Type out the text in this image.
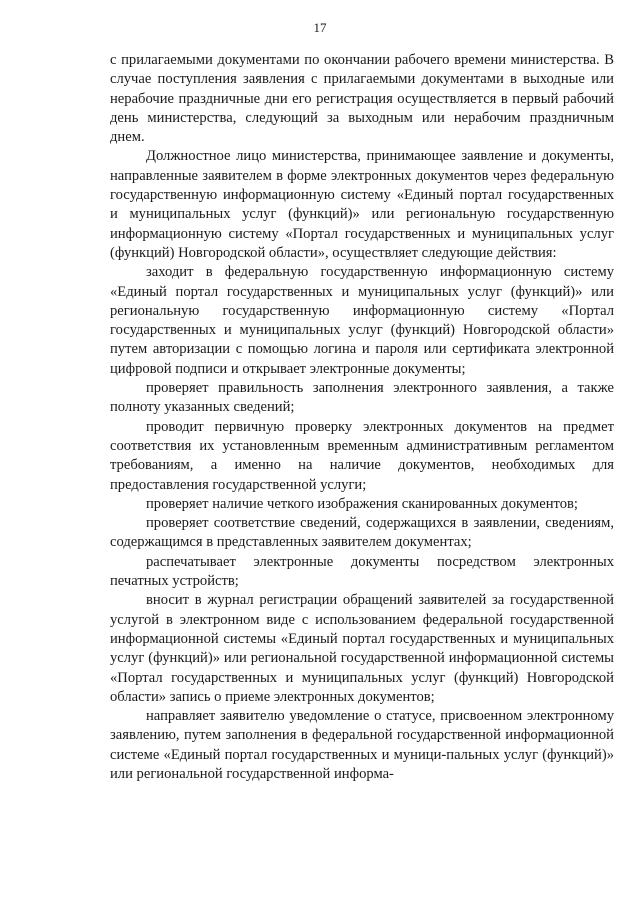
17

с прилагаемыми документами по окончании рабочего времени министерства. В случае поступления заявления с прилагаемыми документами в выходные или нерабочие праздничные дни его регистрация осуществляется в первый рабочий день министерства, следующий за выходным или нерабочим праздничным днем.

Должностное лицо министерства, принимающее заявление и документы, направленные заявителем в форме электронных документов через федеральную государственную информационную систему «Единый портал государственных и муниципальных услуг (функций)» или региональную государственную информационную систему «Портал государственных и муниципальных услуг (функций) Новгородской области», осуществляет следующие действия:

заходит в федеральную государственную информационную систему «Единый портал государственных и муниципальных услуг (функций)» или региональную государственную информационную систему «Портал государственных и муниципальных услуг (функций) Новгородской области» путем авторизации с помощью логина и пароля или сертификата электронной цифровой подписи и открывает электронные документы;

проверяет правильность заполнения электронного заявления, а также полноту указанных сведений;

проводит первичную проверку электронных документов на предмет соответствия их установленным временным административным регламентом требованиям, а именно на наличие документов, необходимых для предоставления государственной услуги;

проверяет наличие четкого изображения сканированных документов;

проверяет соответствие сведений, содержащихся в заявлении, сведениям, содержащимся в представленных заявителем документах;

распечатывает электронные документы посредством электронных печатных устройств;

вносит в журнал регистрации обращений заявителей за государственной услугой в электронном виде с использованием федеральной государственной информационной системы «Единый портал государственных и муниципальных услуг (функций)» или региональной государственной информационной системы «Портал государственных и муниципальных услуг (функций) Новгородской области» запись о приеме электронных документов;

направляет заявителю уведомление о статусе, присвоенном электронному заявлению, путем заполнения в федеральной государственной информационной системе «Единый портал государственных и муници-пальных услуг (функций)» или региональной государственной информа-
